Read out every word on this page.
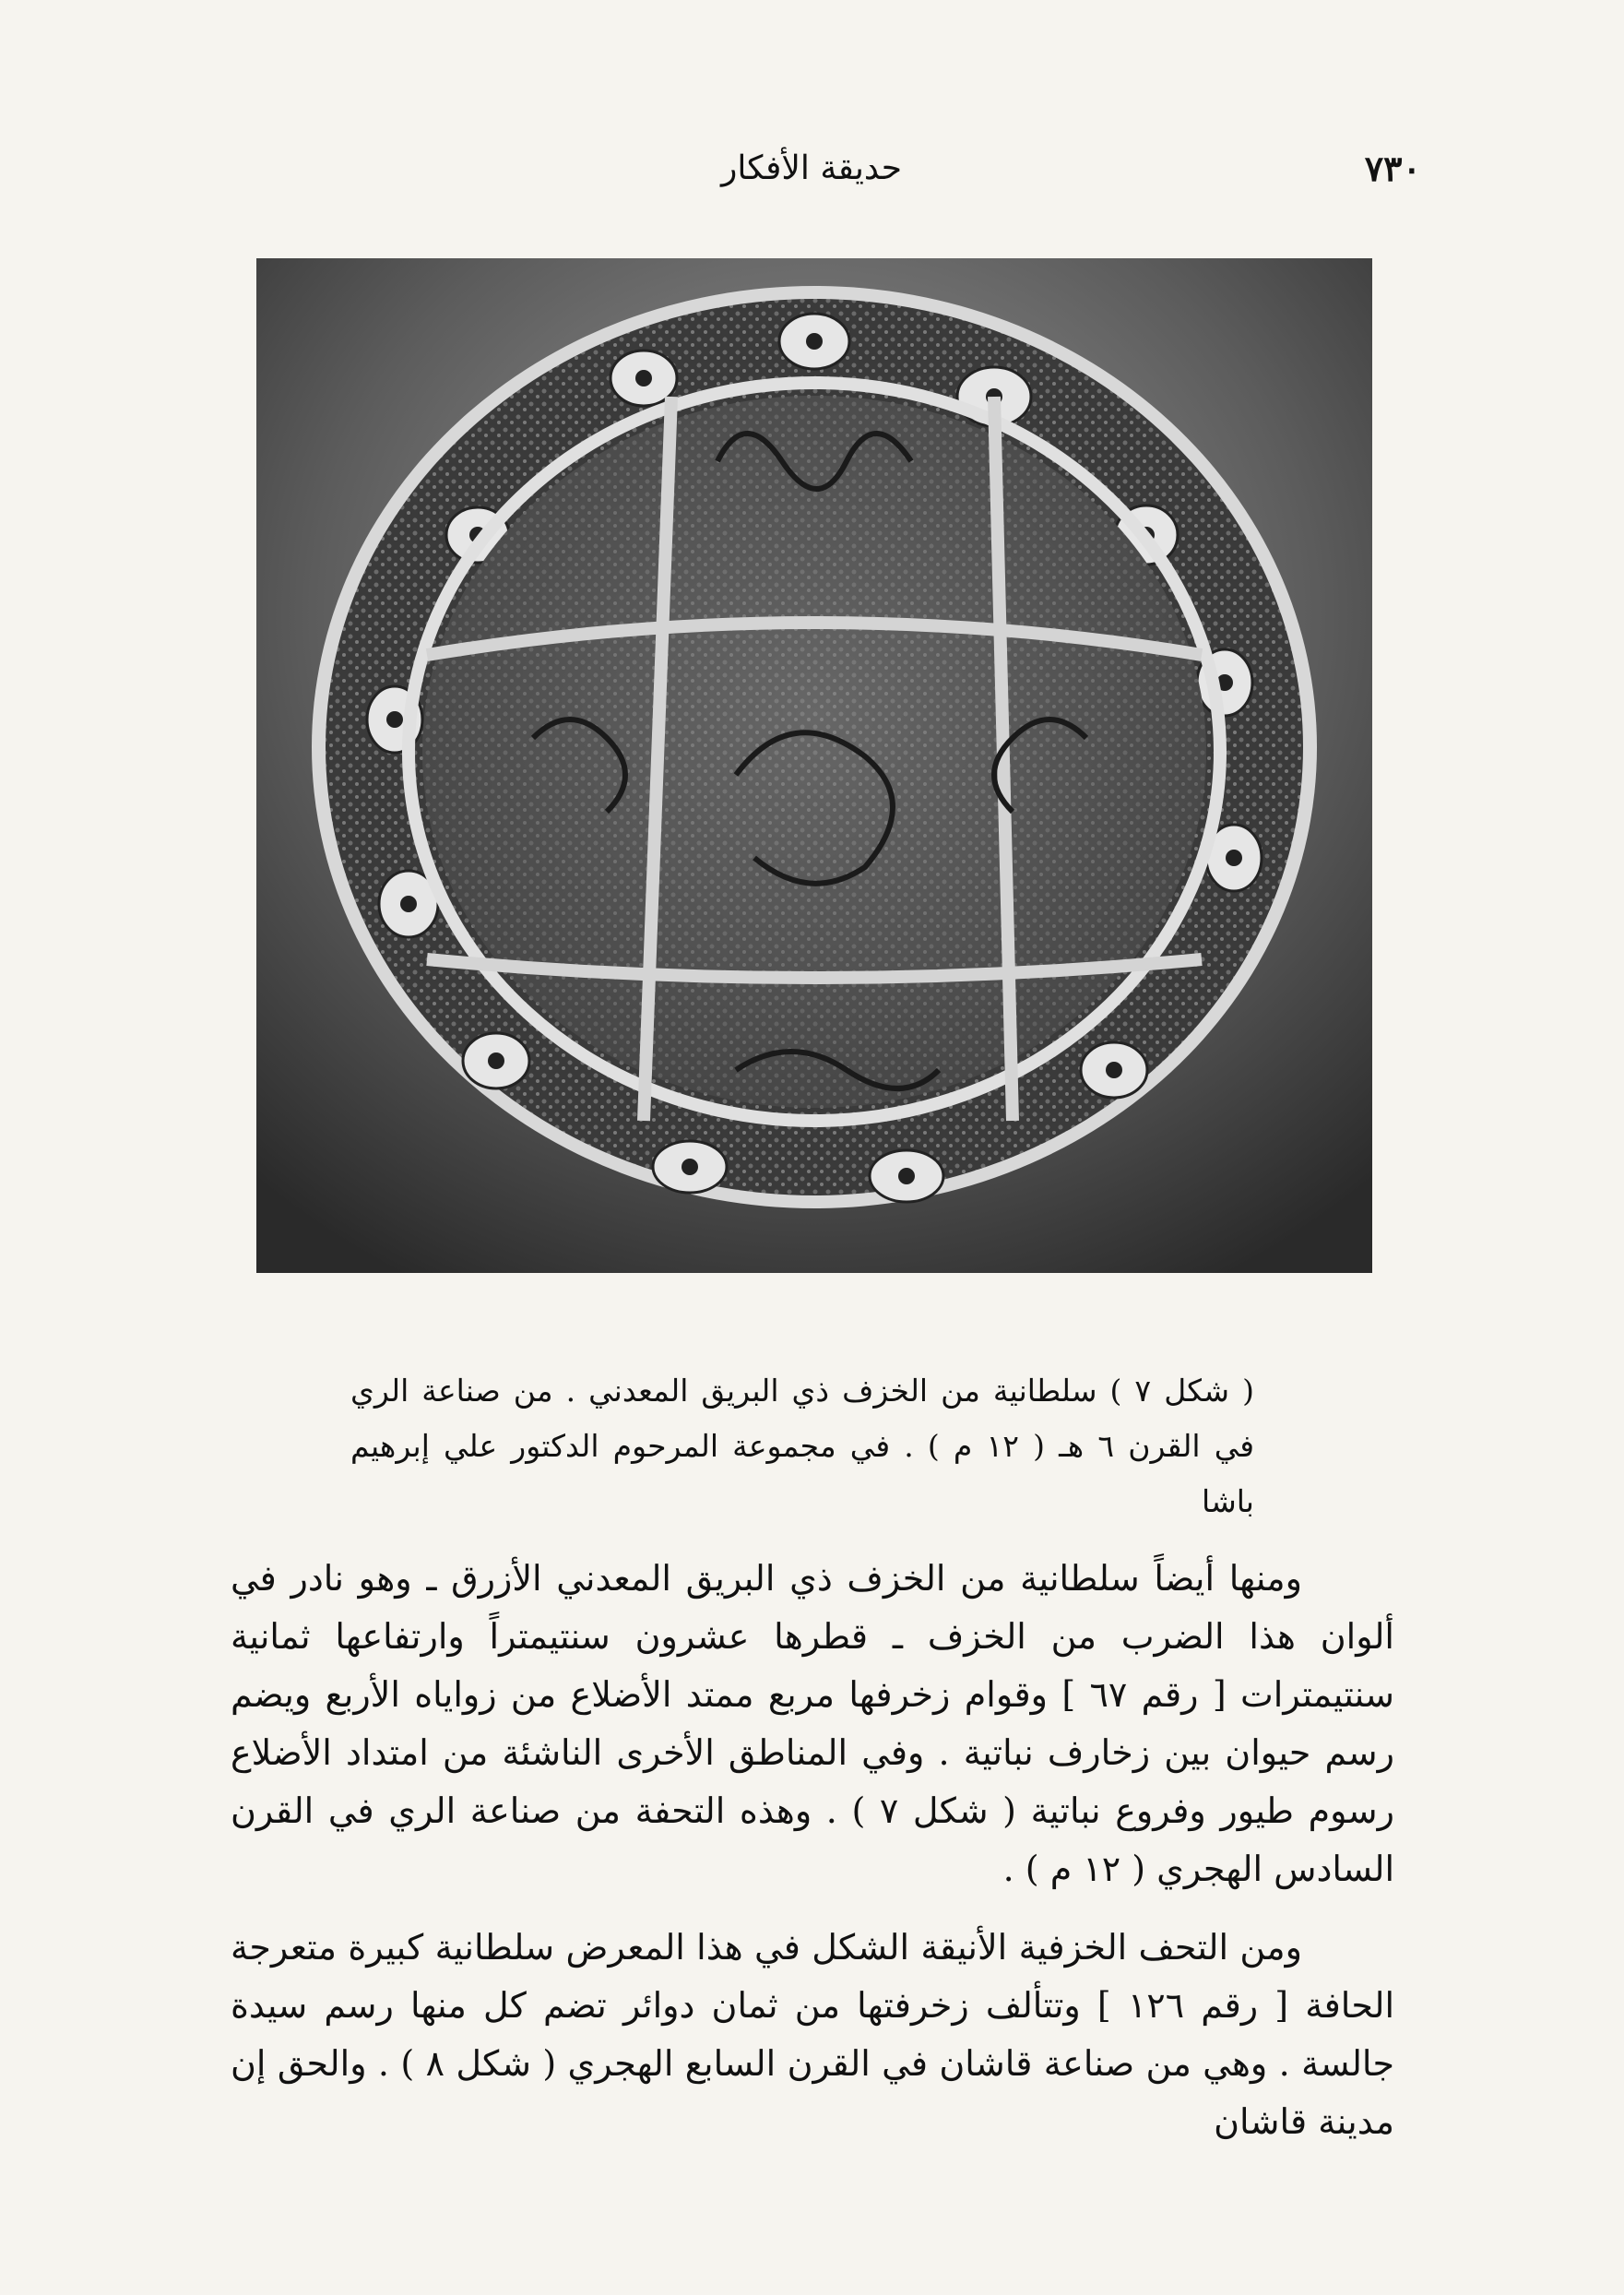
٧٣٠
حديقة الأفكار

( شكل ٧ ) سلطانية من الخزف ذي البريق المعدني . من صناعة الري

في القرن ٦ هـ ( ١٢ م ) . في مجموعة المرحوم الدكتور علي إبرهيم باشا

ومنها أيضاً سلطانية من الخزف ذي البريق المعدني الأزرق ـ وهو نادر في ألوان هذا الضرب من الخزف ـ قطرها عشرون سنتيمتراً وارتفاعها ثمانية سنتيمترات [ رقم ٦٧ ] وقوام زخرفها مربع ممتد الأضلاع من زواياه الأربع ويضم رسم حيوان بين زخارف نباتية . وفي المناطق الأخرى الناشئة من امتداد الأضلاع رسوم طيور وفروع نباتية ( شكل ٧ ) . وهذه التحفة من صناعة الري في القرن السادس الهجري ( ١٢ م ) .

ومن التحف الخزفية الأنيقة الشكل في هذا المعرض سلطانية كبيرة متعرجة الحافة [ رقم ١٢٦ ] وتتألف زخرفتها من ثمان دوائر تضم كل منها رسم سيدة جالسة . وهي من صناعة قاشان في القرن السابع الهجري ( شكل ٨ ) . والحق إن مدينة قاشان
